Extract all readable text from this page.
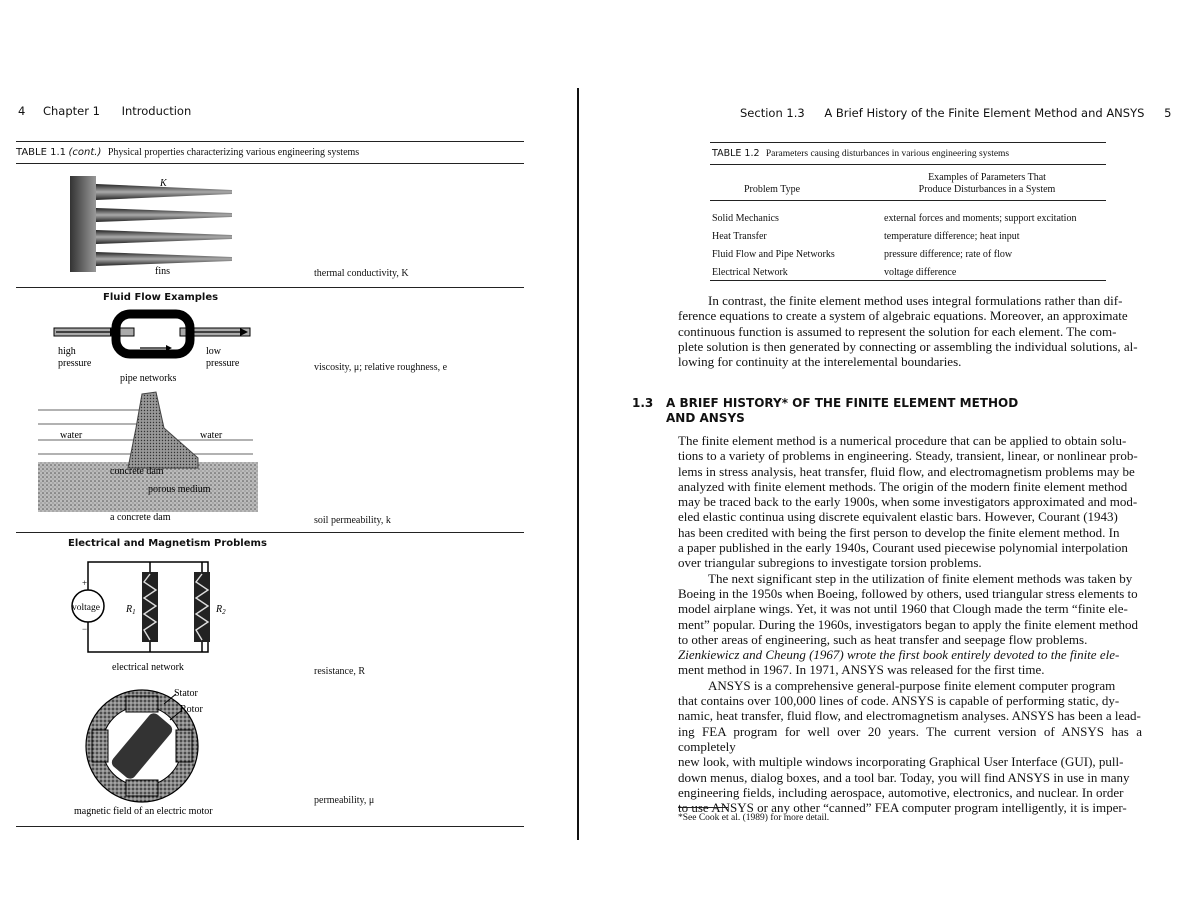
4 Chapter 1 Introduction
TABLE 1.1 (cont.) Physical properties characterizing various engineering systems
K
fins	thermal conductivity, K
Fluid Flow Examples
high
pressure
low
pressure
pipe networks
viscosity, μ; relative roughness, e
water	water
concrete dam
porous medium
a concrete dam	soil permeability, k
Electrical and Magnetism Problems
voltage
+
−
$R_1$	$R_2$
electrical network	resistance, R
Stator
Rotor
magnetic field of an electric motor
permeability, μ
Section 1.3 A Brief History of the Finite Element Method and ANSYS 5
TABLE 1.2 Parameters causing disturbances in various engineering systems
Problem Type
Examples of Parameters That
Produce Disturbances in a System
Solid Mechanics	external forces and moments; support excitation
Heat Transfer	temperature difference; heat input
Fluid Flow and Pipe Networks	pressure difference; rate of flow
Electrical Network	voltage difference
In contrast, the finite element method uses integral formulations rather than dif-
ference equations to create a system of algebraic equations. Moreover, an approximate
continuous function is assumed to represent the solution for each element. The com-
plete solution is then generated by connecting or assembling the individual solutions, al-
lowing for continuity at the interelemental boundaries.
1.3 A BRIEF HISTORY* OF THE FINITE ELEMENT METHOD
AND ANSYS
The finite element method is a numerical procedure that can be applied to obtain solu-
tions to a variety of problems in engineering. Steady, transient, linear, or nonlinear prob-
lems in stress analysis, heat transfer, fluid flow, and electromagnetism problems may be
analyzed with finite element methods. The origin of the modern finite element method
may be traced back to the early 1900s, when some investigators approximated and mod-
eled elastic continua using discrete equivalent elastic bars. However, Courant (1943)
has been credited with being the first person to develop the finite element method. In
a paper published in the early 1940s, Courant used piecewise polynomial interpolation
over triangular subregions to investigate torsion problems.
The next significant step in the utilization of finite element methods was taken by
Boeing in the 1950s when Boeing, followed by others, used triangular stress elements to
model airplane wings. Yet, it was not until 1960 that Clough made the term “finite ele-
ment” popular. During the 1960s, investigators began to apply the finite element method
to other areas of engineering, such as heat transfer and seepage flow problems.
Zienkiewicz and Cheung (1967) wrote the first book entirely devoted to the finite ele-
ment method in 1967. In 1971, ANSYS was released for the first time.
ANSYS is a comprehensive general-purpose finite element computer program
that contains over 100,000 lines of code. ANSYS is capable of performing static, dy-
namic, heat transfer, fluid flow, and electromagnetism analyses. ANSYS has been a lead-
ing FEA program for well over 20 years. The current version of ANSYS has a completely
new look, with multiple windows incorporating Graphical User Interface (GUI), pull-
down menus, dialog boxes, and a tool bar. Today, you will find ANSYS in use in many
engineering fields, including aerospace, automotive, electronics, and nuclear. In order
to use ANSYS or any other “canned” FEA computer program intelligently, it is imper-
*See Cook et al. (1989) for more detail.
